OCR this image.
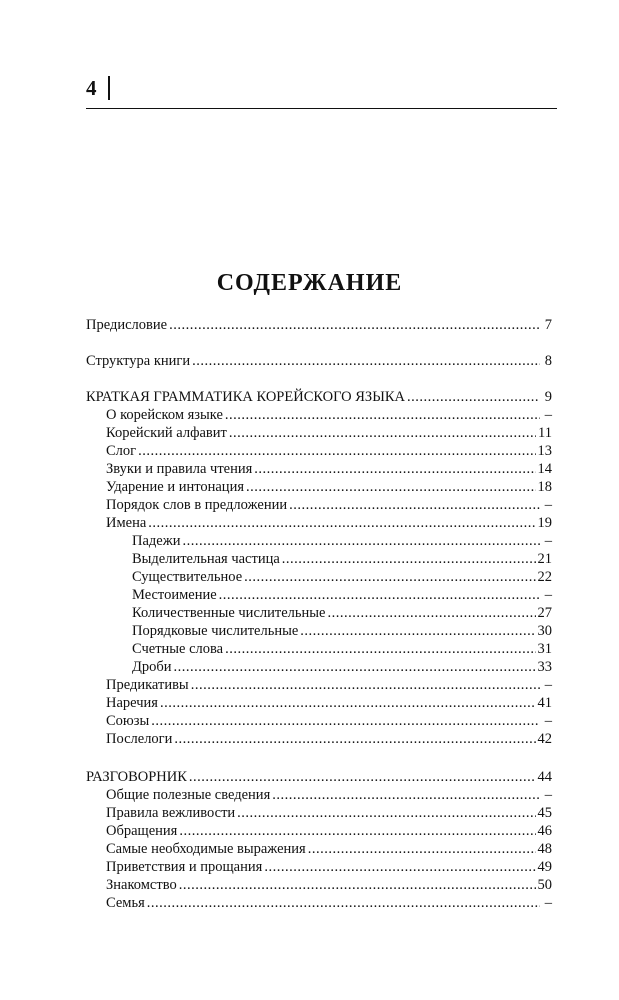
4
СОДЕРЖАНИЕ
Предисловие .....	7
Структура книги .....	8
КРАТКАЯ ГРАММАТИКА КОРЕЙСКОГО ЯЗЫКА .....	9
О корейском языке .....	–
Корейский алфавит .....	11
Слог .....	13
Звуки и правила чтения .....	14
Ударение и интонация .....	18
Порядок слов в предложении .....	–
Имена .....	19
Падежи .....	–
Выделительная частица .....	21
Существительное .....	22
Местоимение .....	–
Количественные числительные .....	27
Порядковые числительные .....	30
Счетные слова .....	31
Дроби .....	33
Предикативы .....	–
Наречия .....	41
Союзы .....	–
Послелоги .....	42
РАЗГОВОРНИК .....	44
Общие полезные сведения .....	–
Правила вежливости .....	45
Обращения .....	46
Самые необходимые выражения .....	48
Приветствия и прощания .....	49
Знакомство .....	50
Семья .....	–
